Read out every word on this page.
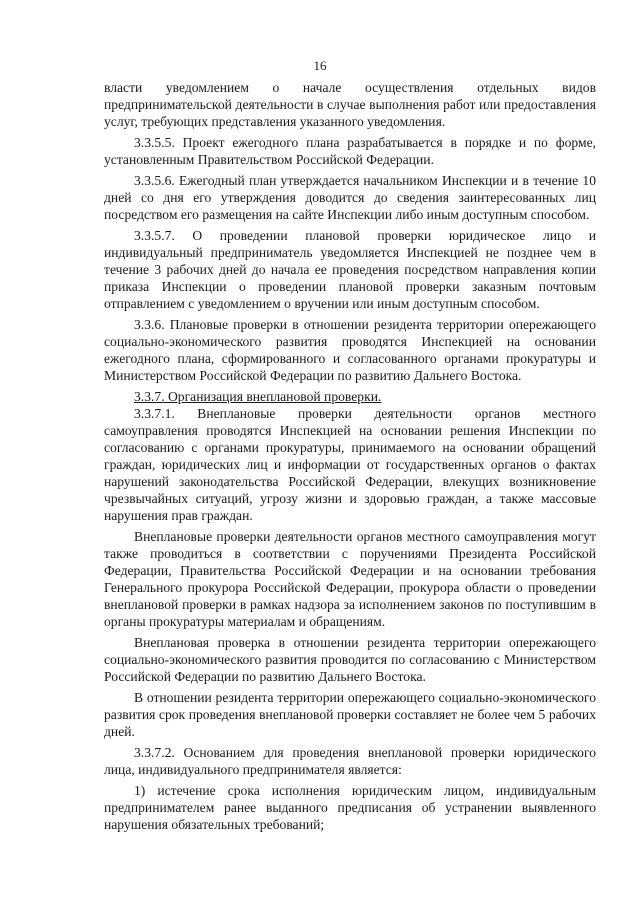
16

власти уведомлением о начале осуществления отдельных видов предпринимательской деятельности в случае выполнения работ или предоставления услуг, требующих представления указанного уведомления.

3.3.5.5. Проект ежегодного плана разрабатывается в порядке и по форме, установленным Правительством Российской Федерации.

3.3.5.6. Ежегодный план утверждается начальником Инспекции и в течение 10 дней со дня его утверждения доводится до сведения заинтересованных лиц посредством его размещения на сайте Инспекции либо иным доступным способом.

3.3.5.7. О проведении плановой проверки юридическое лицо и индивидуальный предприниматель уведомляется Инспекцией не позднее чем в течение 3 рабочих дней до начала ее проведения посредством направления копии приказа Инспекции о проведении плановой проверки заказным почтовым отправлением с уведомлением о вручении или иным доступным способом.

3.3.6. Плановые проверки в отношении резидента территории опережающего социально-экономического развития проводятся Инспекцией на основании ежегодного плана, сформированного и согласованного органами прокуратуры и Министерством Российской Федерации по развитию Дальнего Востока.

3.3.7. Организация внеплановой проверки.

3.3.7.1. Внеплановые проверки деятельности органов местного самоуправления проводятся Инспекцией на основании решения Инспекции по согласованию с органами прокуратуры, принимаемого на основании обращений граждан, юридических лиц и информации от государственных органов о фактах нарушений законодательства Российской Федерации, влекущих возникновение чрезвычайных ситуаций, угрозу жизни и здоровью граждан, а также массовые нарушения прав граждан.

Внеплановые проверки деятельности органов местного самоуправления могут также проводиться в соответствии с поручениями Президента Российской Федерации, Правительства Российской Федерации и на основании требования Генерального прокурора Российской Федерации, прокурора области о проведении внеплановой проверки в рамках надзора за исполнением законов по поступившим в органы прокуратуры материалам и обращениям.

Внеплановая проверка в отношении резидента территории опережающего социально-экономического развития проводится по согласованию с Министерством Российской Федерации по развитию Дальнего Востока.

В отношении резидента территории опережающего социально-экономического развития срок проведения внеплановой проверки составляет не более чем 5 рабочих дней.

3.3.7.2. Основанием для проведения внеплановой проверки юридического лица, индивидуального предпринимателя является:

1) истечение срока исполнения юридическим лицом, индивидуальным предпринимателем ранее выданного предписания об устранении выявленного нарушения обязательных требований;
